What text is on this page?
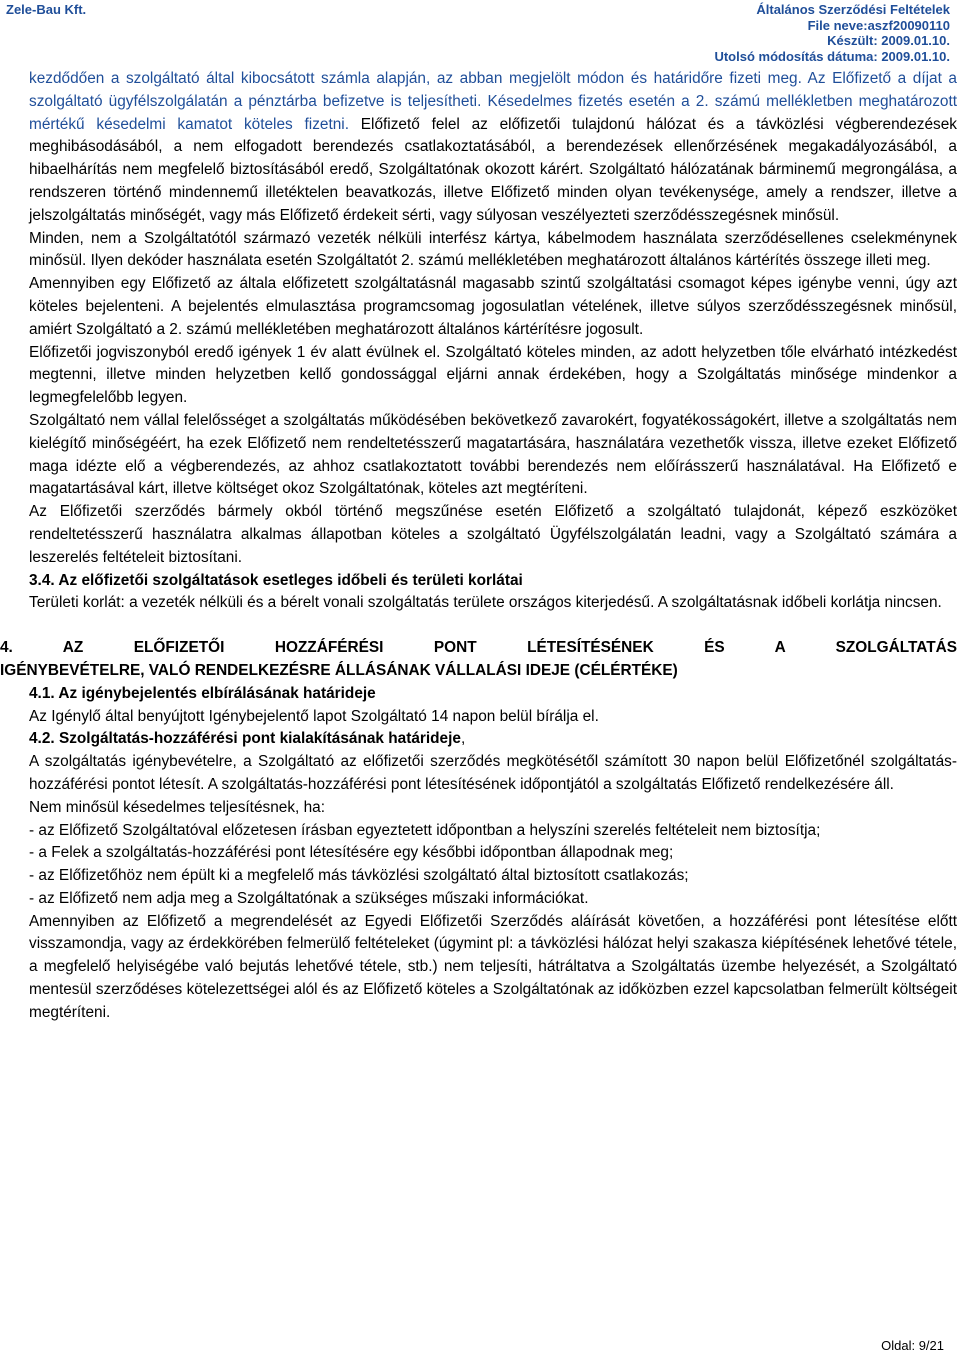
Zele-Bau Kft.	Általános Szerződési Feltételek
File neve:aszf20090110
Készült: 2009.01.10.
Utolsó módosítás dátuma: 2009.01.10.

kezdődően a szolgáltató által kibocsátott számla alapján, az abban megjelölt módon és határidőre fizeti meg. Az Előfizető a díjat a szolgáltató ügyfélszolgálatán a pénztárba befizetve is teljesítheti. Késedelmes fizetés esetén a 2. számú mellékletben meghatározott mértékű késedelmi kamatot köteles fizetni. Előfizető felel az előfizetői tulajdonú hálózat és a távközlési végberendezések meghibásodásából, a nem elfogadott berendezés csatlakoztatásából, a berendezések ellenőrzésének megakadályozásából, a hibaelhárítás nem megfelelő biztosításából eredő, Szolgáltatónak okozott kárért. Szolgáltató hálózatának bárminemű megrongálása, a rendszeren történő mindennemű illetéktelen beavatkozás, illetve Előfizető minden olyan tevékenysége, amely a rendszer, illetve a jelszolgáltatás minőségét, vagy más Előfizető érdekeit sérti, vagy súlyosan veszélyezteti szerződésszegésnek minősül.

Minden, nem a Szolgáltatótól származó vezeték nélküli interfész kártya, kábelmodem használata szerződésellenes cselekménynek minősül. Ilyen dekóder használata esetén Szolgáltatót 2. számú mellékletében meghatározott általános kártérítés összege illeti meg.

Amennyiben egy Előfizető az általa előfizetett szolgáltatásnál magasabb szintű szolgáltatási csomagot képes igénybe venni, úgy azt köteles bejelenteni. A bejelentés elmulasztása programcsomag jogosulatlan vételének, illetve súlyos szerződésszegésnek minősül, amiért Szolgáltató a 2. számú mellékletében meghatározott általános kártérítésre jogosult.

Előfizetői jogviszonyból eredő igények 1 év alatt évülnek el. Szolgáltató köteles minden, az adott helyzetben tőle elvárható intézkedést megtenni, illetve minden helyzetben kellő gondossággal eljárni annak érdekében, hogy a Szolgáltatás minősége mindenkor a legmegfelelőbb legyen.

Szolgáltató nem vállal felelősséget a szolgáltatás működésében bekövetkező zavarokért, fogyatékosságokért, illetve a szolgáltatás nem kielégítő minőségéért, ha ezek Előfizető nem rendeltetésszerű magatartására, használatára vezethetők vissza, illetve ezeket Előfizető maga idézte elő a végberendezés, az ahhoz csatlakoztatott további berendezés nem előírásszerű használatával. Ha Előfizető e magatartásával kárt, illetve költséget okoz Szolgáltatónak, köteles azt megtéríteni.

Az Előfizetői szerződés bármely okból történő megszűnése esetén Előfizető a szolgáltató tulajdonát, képező eszközöket rendeltetésszerű használatra alkalmas állapotban köteles a szolgáltató Ügyfélszolgálatán leadni, vagy a Szolgáltató számára a leszerelés feltételeit biztosítani.

3.4. Az előfizetői szolgáltatások esetleges időbeli és területi korlátai

Területi korlát: a vezeték nélküli és a bérelt vonali szolgáltatás területe országos kiterjedésű. A szolgáltatásnak időbeli korlátja nincsen.

4. AZ ELŐFIZETŐI HOZZÁFÉRÉSI PONT LÉTESÍTÉSÉNEK ÉS A SZOLGÁLTATÁS

IGÉNYBEVÉTELRE, VALÓ RENDELKEZÉSRE ÁLLÁSÁNAK VÁLLALÁSI IDEJE (CÉLÉRTÉKE)

4.1. Az igénybejelentés elbírálásának határideje

Az Igénylő által benyújtott Igénybejelentő lapot Szolgáltató 14 napon belül bírálja el.

4.2. Szolgáltatás-hozzáférési pont kialakításának határideje,

A szolgáltatás igénybevételre, a Szolgáltató az előfizetői szerződés megkötésétől számított 30 napon belül Előfizetőnél szolgáltatás-hozzáférési pontot létesít. A szolgáltatás-hozzáférési pont létesítésének időpontjától a szolgáltatás Előfizető rendelkezésére áll.

Nem minősül késedelmes teljesítésnek, ha:

- az Előfizető Szolgáltatóval előzetesen írásban egyeztetett időpontban a helyszíni szerelés feltételeit nem biztosítja;

- a Felek a szolgáltatás-hozzáférési pont létesítésére egy későbbi időpontban állapodnak meg;

- az Előfizetőhöz nem épült ki a megfelelő más távközlési szolgáltató által biztosított csatlakozás;

- az Előfizető nem adja meg a Szolgáltatónak a szükséges műszaki információkat.

Amennyiben az Előfizető a megrendelését az Egyedi Előfizetői Szerződés aláírását követően, a hozzáférési pont létesítése előtt visszamondja, vagy az érdekkörében felmerülő feltételeket (úgymint pl: a távközlési hálózat helyi szakasza kiépítésének lehetővé tétele, a megfelelő helyiségébe való bejutás lehetővé tétele, stb.) nem teljesíti, hátráltatva a Szolgáltatás üzembe helyezését, a Szolgáltató mentesül szerződéses kötelezettségei alól és az Előfizető köteles a Szolgáltatónak az időközben ezzel kapcsolatban felmerült költségeit megtéríteni.

Oldal: 9/21
